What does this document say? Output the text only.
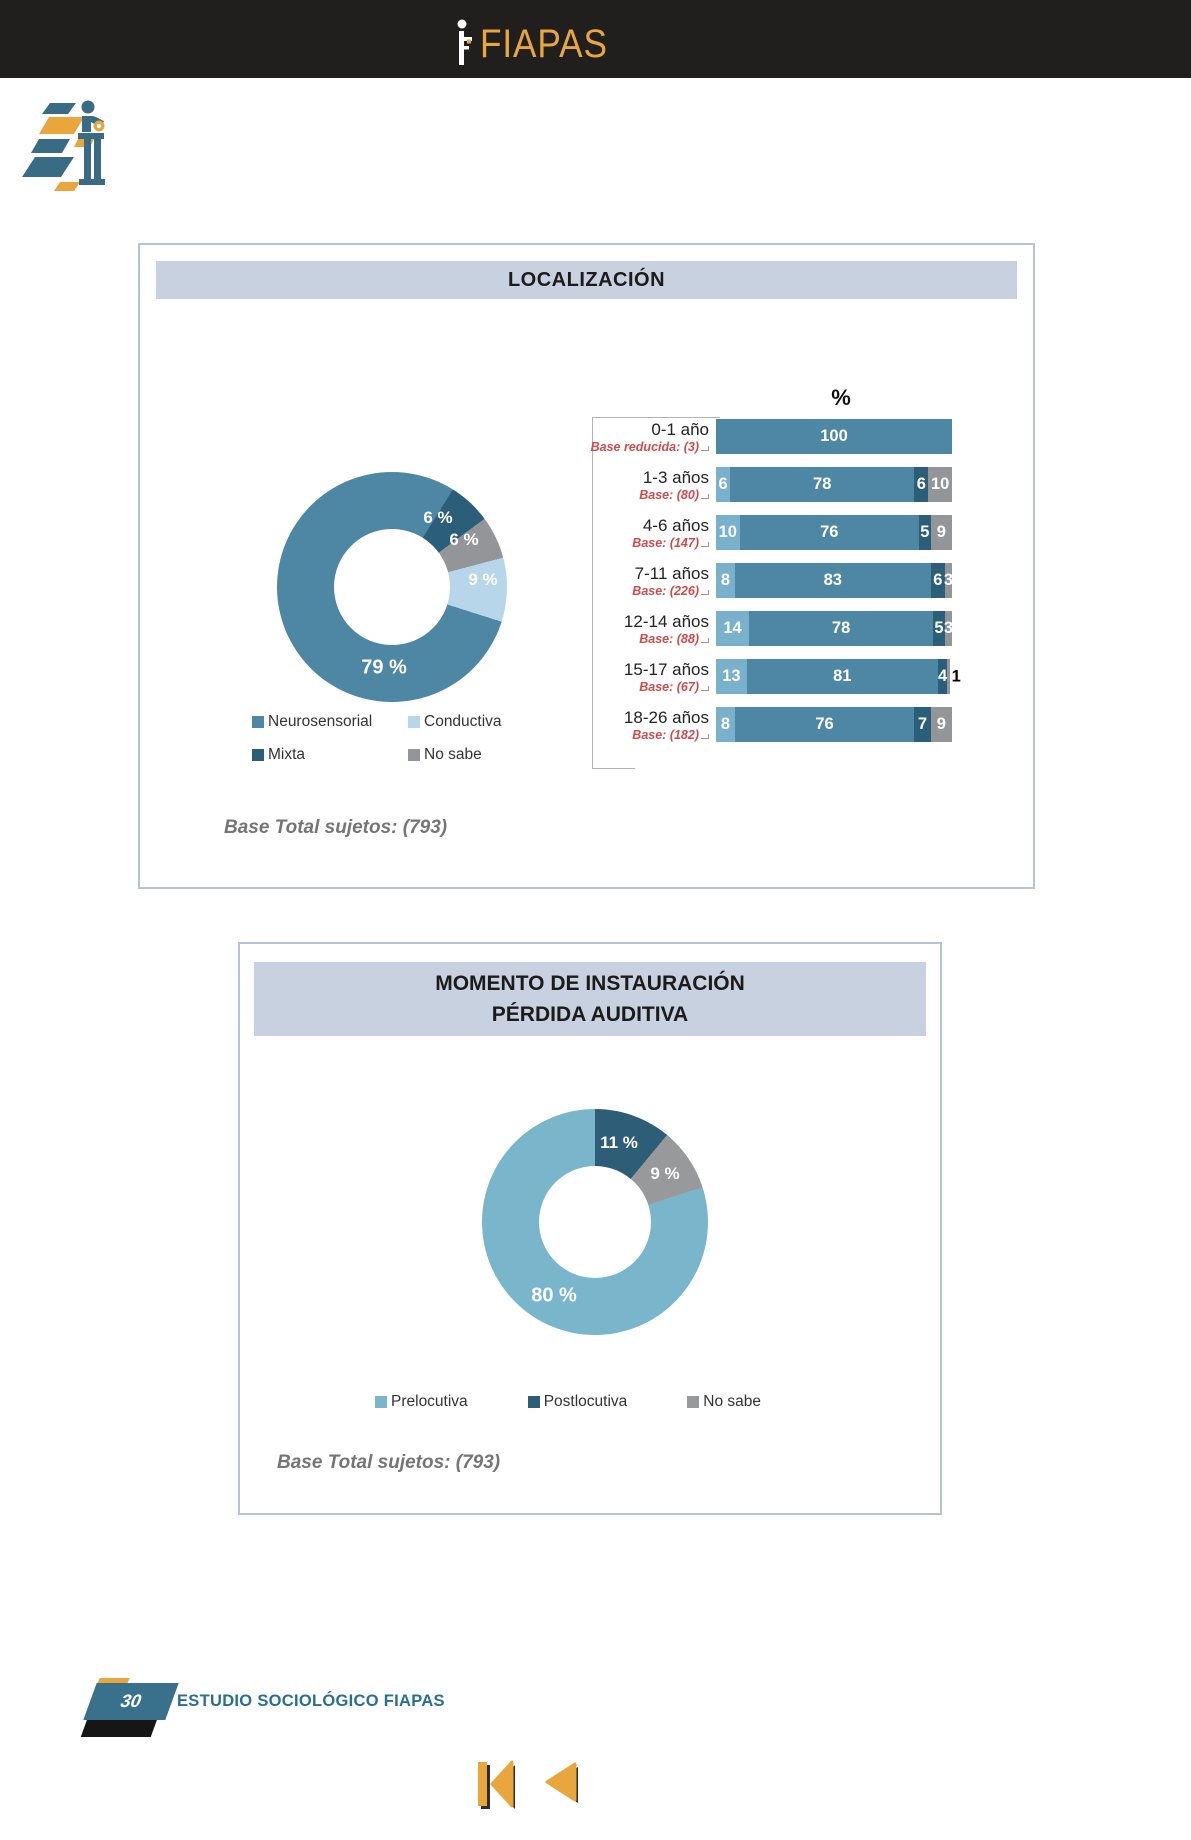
FIAPAS
LOCALIZACIÓN
6 %
6 %
9 %
79 %
Neurosensorial	Conductiva
Mixta	No sabe
%
0-1 año
Base reducida: (3)
100
1-3 años
Base: (80)
6	78	6 10
4-6 años
Base: (147)
10	76	5 9
7-11 años
Base: (226)
8	83	6 3
12-14 años
Base: (88)
14	78	5 3
15-17 años
Base: (67)
13	81	4 1
18-26 años
Base: (182)
8	76	7 9
Base Total sujetos: (793)
MOMENTO DE INSTAURACIÓN
PÉRDIDA AUDITIVA
11 %
9 %
80 %
Prelocutiva	Postlocutiva	No sabe
Base Total sujetos: (793)
30	ESTUDIO SOCIOLÓGICO FIAPAS
